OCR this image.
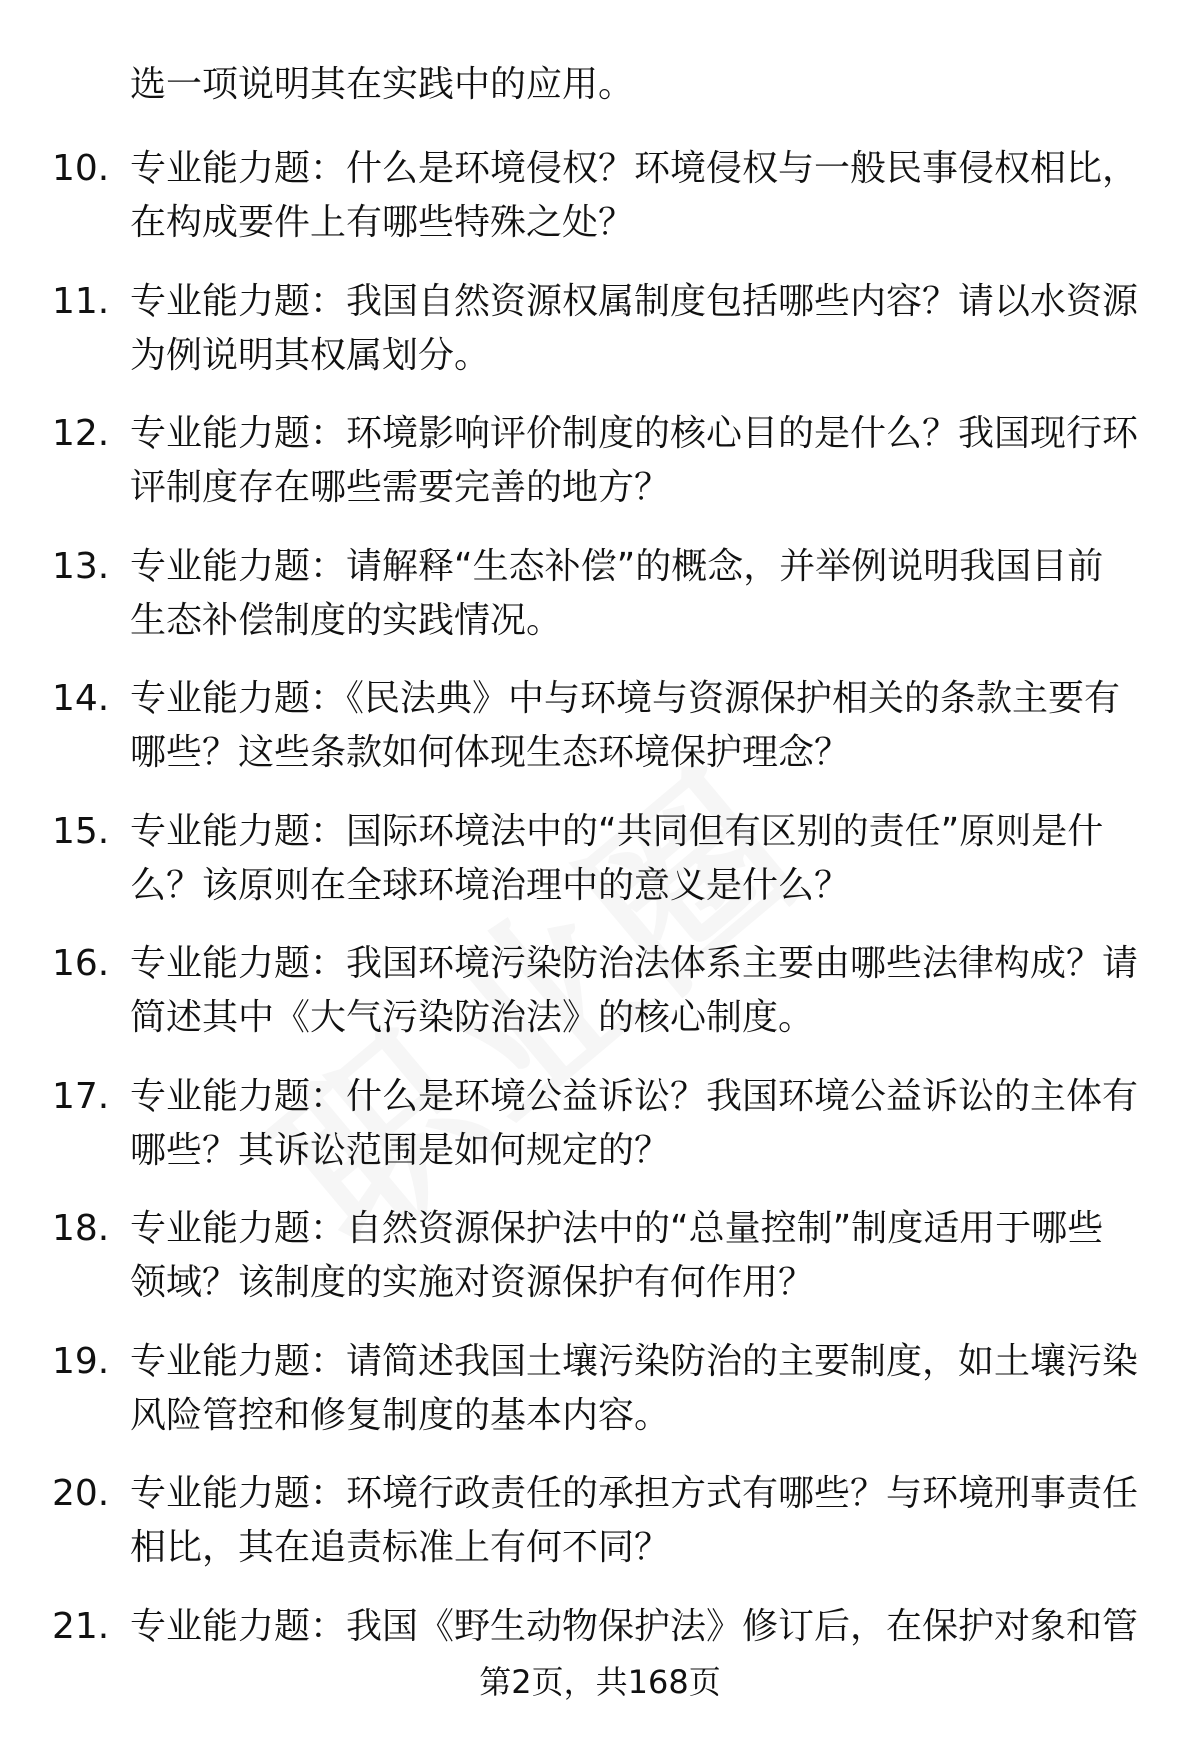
选一项说明其在实践中的应用。
10. 专业能力题：什么是环境侵权？环境侵权与一般民事侵权相比，
在构成要件上有哪些特殊之处？
11. 专业能力题：我国自然资源权属制度包括哪些内容？请以水资源
为例说明其权属划分。
12. 专业能力题：环境影响评价制度的核心目的是什么？我国现行环
评制度存在哪些需要完善的地方？
13. 专业能力题：请解释“生态补偿”的概念，并举例说明我国目前
生态补偿制度的实践情况。
14. 专业能力题：《民法典》中与环境与资源保护相关的条款主要有
哪些？这些条款如何体现生态环境保护理念？
15. 专业能力题：国际环境法中的“共同但有区别的责任”原则是什
么？该原则在全球环境治理中的意义是什么？
16. 专业能力题：我国环境污染防治法体系主要由哪些法律构成？请
简述其中《大气污染防治法》的核心制度。
17. 专业能力题：什么是环境公益诉讼？我国环境公益诉讼的主体有
哪些？其诉讼范围是如何规定的？
18. 专业能力题：自然资源保护法中的“总量控制”制度适用于哪些
领域？该制度的实施对资源保护有何作用？
19. 专业能力题：请简述我国土壤污染防治的主要制度，如土壤污染
风险管控和修复制度的基本内容。
20. 专业能力题：环境行政责任的承担方式有哪些？与环境刑事责任
相比，其在追责标准上有何不同？
21. 专业能力题：我国《野生动物保护法》修订后，在保护对象和管
第2页，共168页
